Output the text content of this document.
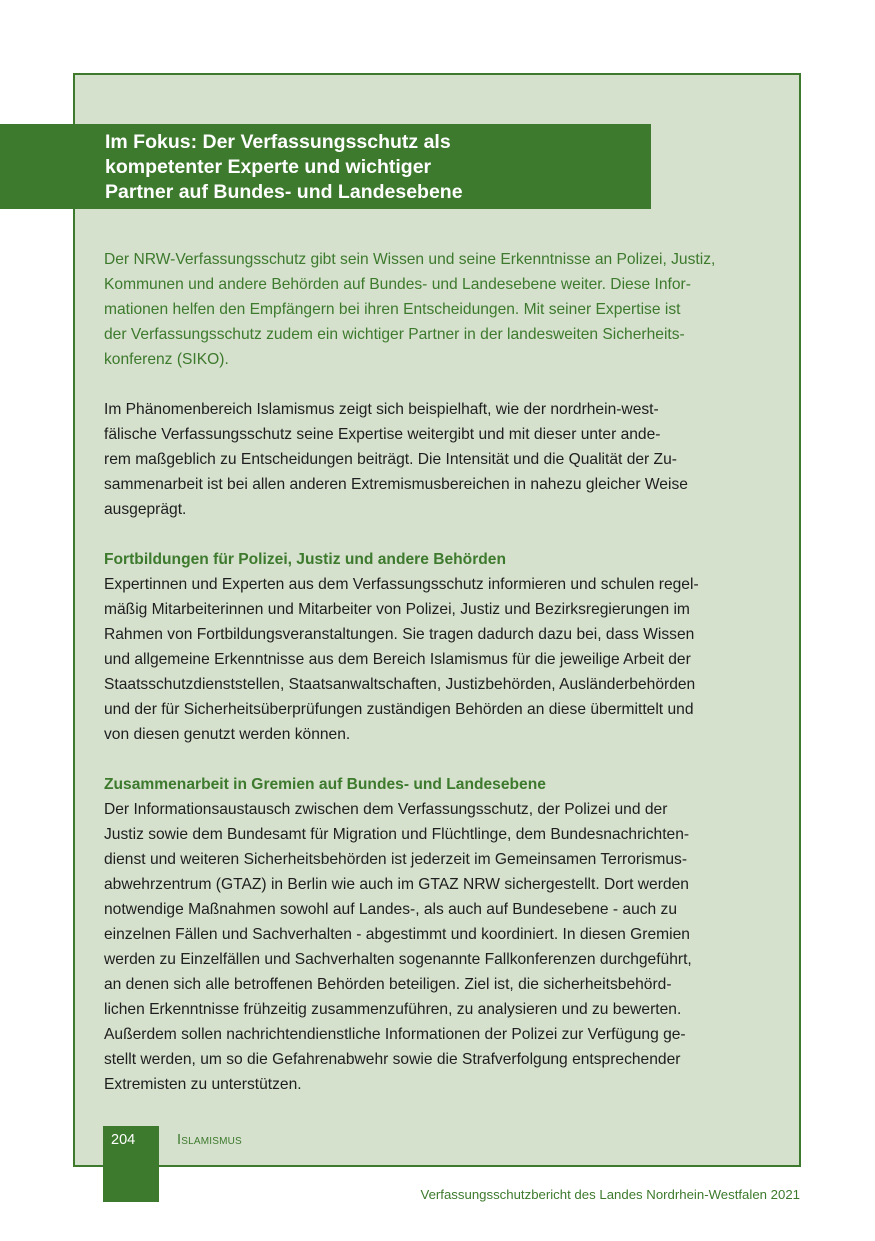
Im Fokus: Der Verfassungsschutz als
kompetenter Experte und wichtiger
Partner auf Bundes- und Landesebene

Der NRW-Verfassungsschutz gibt sein Wissen und seine Erkenntnisse an Polizei, Justiz,
Kommunen und andere Behörden auf Bundes- und Landesebene weiter. Diese Infor-
mationen helfen den Empfängern bei ihren Entscheidungen. Mit seiner Expertise ist
der Verfassungsschutz zudem ein wichtiger Partner in der landesweiten Sicherheits-
konferenz (SIKO).

Im Phänomenbereich Islamismus zeigt sich beispielhaft, wie der nordrhein-west-
fälische Verfassungsschutz seine Expertise weitergibt und mit dieser unter ande-
rem maßgeblich zu Entscheidungen beiträgt. Die Intensität und die Qualität der Zu-
sammenarbeit ist bei allen anderen Extremismusbereichen in nahezu gleicher Weise
ausgeprägt.

Fortbildungen für Polizei, Justiz und andere Behörden
Expertinnen und Experten aus dem Verfassungsschutz informieren und schulen regel-
mäßig Mitarbeiterinnen und Mitarbeiter von Polizei, Justiz und Bezirksregierungen im
Rahmen von Fortbildungsveranstaltungen. Sie tragen dadurch dazu bei, dass Wissen
und allgemeine Erkenntnisse aus dem Bereich Islamismus für die jeweilige Arbeit der
Staatsschutzdienststellen, Staatsanwaltschaften, Justizbehörden, Ausländerbehörden
und der für Sicherheitsüberprüfungen zuständigen Behörden an diese übermittelt und
von diesen genutzt werden können.
Zusammenarbeit in Gremien auf Bundes- und Landesebene
Der Informationsaustausch zwischen dem Verfassungsschutz, der Polizei und der
Justiz sowie dem Bundesamt für Migration und Flüchtlinge, dem Bundesnachrichten-
dienst und weiteren Sicherheitsbehörden ist jederzeit im Gemeinsamen Terrorismus-
abwehrzentrum (GTAZ) in Berlin wie auch im GTAZ NRW sichergestellt. Dort werden
notwendige Maßnahmen sowohl auf Landes-, als auch auf Bundesebene - auch zu
einzelnen Fällen und Sachverhalten - abgestimmt und koordiniert. In diesen Gremien
werden zu Einzelfällen und Sachverhalten sogenannte Fallkonferenzen durchgeführt,
an denen sich alle betroffenen Behörden beteiligen. Ziel ist, die sicherheitsbehörd-
lichen Erkenntnisse frühzeitig zusammenzuführen, zu analysieren und zu bewerten.
Außerdem sollen nachrichtendienstliche Informationen der Polizei zur Verfügung ge-
stellt werden, um so die Gefahrenabwehr sowie die Strafverfolgung entsprechender
Extremisten zu unterstützen.
204	Islamismus
Verfassungsschutzbericht des Landes Nordrhein-Westfalen 2021
